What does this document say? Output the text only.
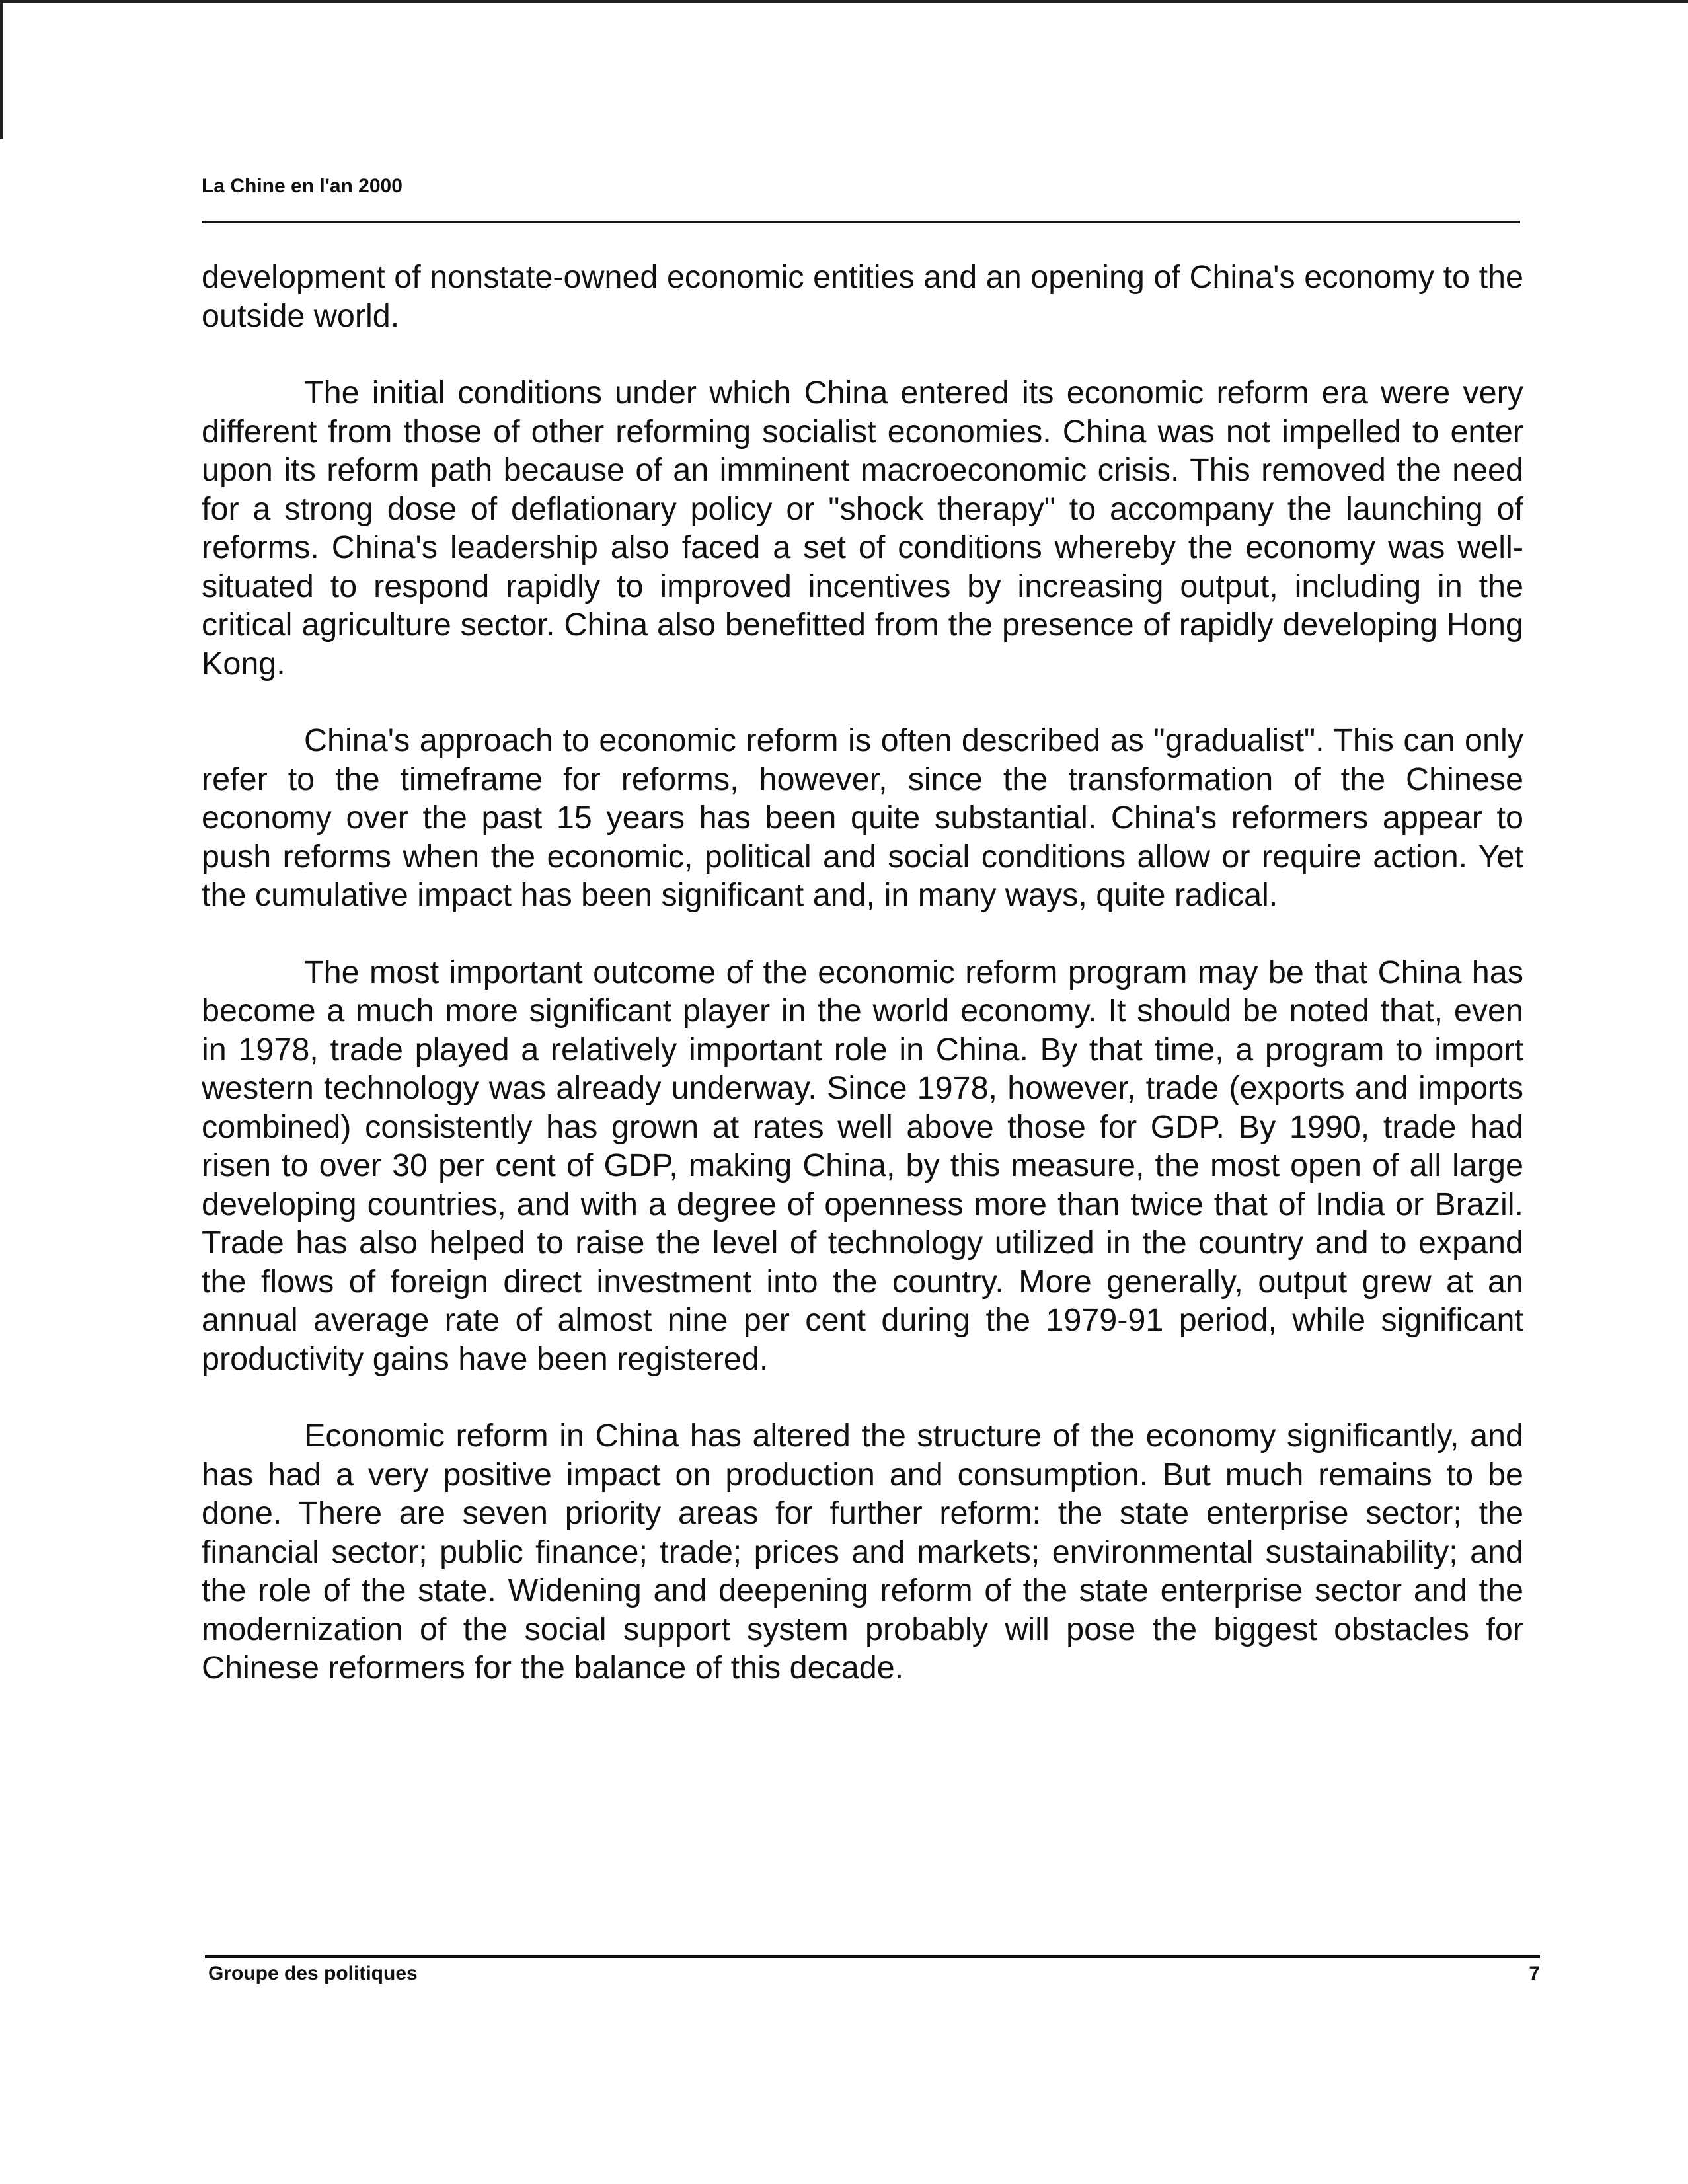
La Chine en l'an 2000

development of nonstate-owned economic entities and an opening of China's economy to the outside world.

The initial conditions under which China entered its economic reform era were very different from those of other reforming socialist economies. China was not impelled to enter upon its reform path because of an imminent macroeconomic crisis. This removed the need for a strong dose of deflationary policy or "shock therapy" to accompany the launching of reforms. China's leadership also faced a set of conditions whereby the economy was well-situated to respond rapidly to improved incentives by increasing output, including in the critical agriculture sector. China also benefitted from the presence of rapidly developing Hong Kong.

China's approach to economic reform is often described as "gradualist". This can only refer to the timeframe for reforms, however, since the transformation of the Chinese economy over the past 15 years has been quite substantial. China's reformers appear to push reforms when the economic, political and social conditions allow or require action. Yet the cumulative impact has been significant and, in many ways, quite radical.

The most important outcome of the economic reform program may be that China has become a much more significant player in the world economy. It should be noted that, even in 1978, trade played a relatively important role in China. By that time, a program to import western technology was already underway. Since 1978, however, trade (exports and imports combined) consistently has grown at rates well above those for GDP. By 1990, trade had risen to over 30 per cent of GDP, making China, by this measure, the most open of all large developing countries, and with a degree of openness more than twice that of India or Brazil. Trade has also helped to raise the level of technology utilized in the country and to expand the flows of foreign direct investment into the country. More generally, output grew at an annual average rate of almost nine per cent during the 1979-91 period, while significant productivity gains have been registered.

Economic reform in China has altered the structure of the economy significantly, and has had a very positive impact on production and consumption. But much remains to be done. There are seven priority areas for further reform: the state enterprise sector; the financial sector; public finance; trade; prices and markets; environmental sustainability; and the role of the state. Widening and deepening reform of the state enterprise sector and the modernization of the social support system probably will pose the biggest obstacles for Chinese reformers for the balance of this decade.

Groupe des politiques	7
